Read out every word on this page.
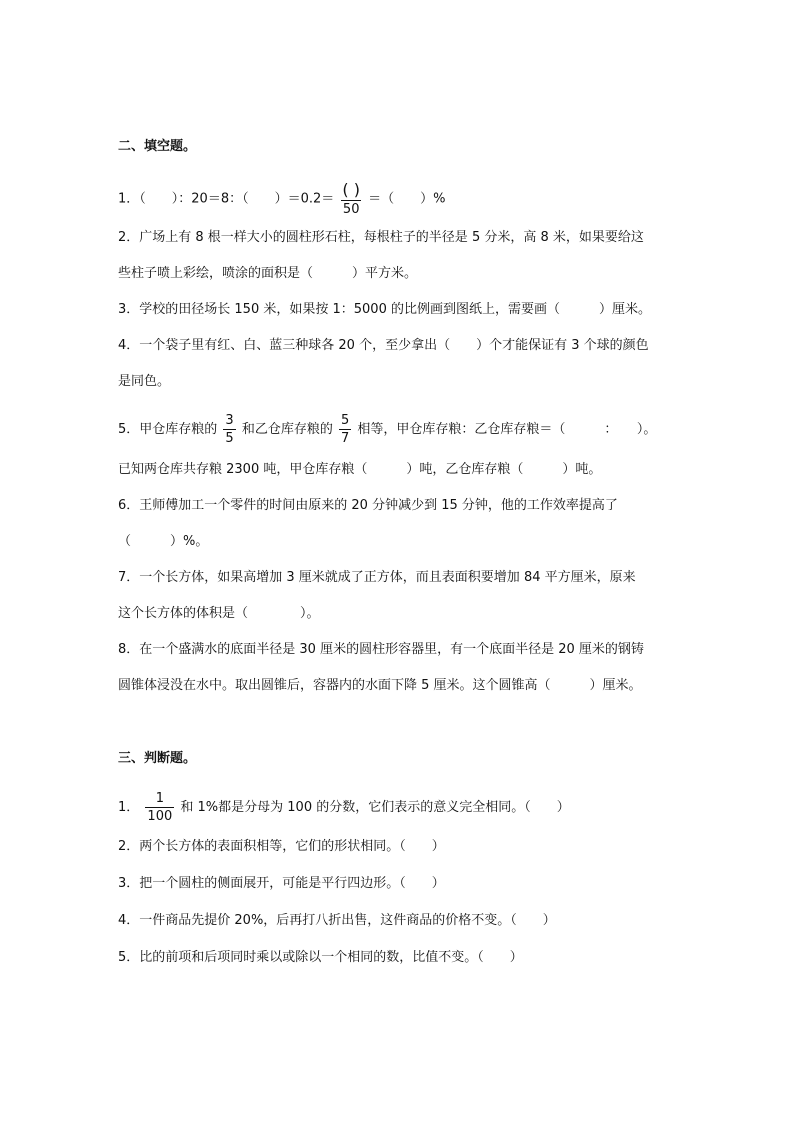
二、填空题。
1．（　　）：20＝8：（　　）$=0.2= \frac{( )}{50}$ ＝（　　）%
2．广场上有 8 根一样大小的圆柱形石柱，每根柱子的半径是 5 分米，高 8 米，如果要给这
些柱子喷上彩绘，喷涂的面积是（　　　）平方米。
3．学校的田径场长 150 米，如果按 1：5000 的比例画到图纸上，需要画（　　　）厘米。
4．一个袋子里有红、白、蓝三种球各 20 个，至少拿出（　　）个才能保证有 3 个球的颜色
是同色。
5．甲仓库存粮的 $\frac{3}{5}$ 和乙仓库存粮的 $\frac{5}{7}$ 相等，甲仓库存粮：乙仓库存粮＝（　　　：　　）。
已知两仓库共存粮 2300 吨，甲仓库存粮（　　　）吨，乙仓库存粮（　　　）吨。
6．王师傅加工一个零件的时间由原来的 20 分钟减少到 15 分钟，他的工作效率提高了
（　　　）%。
7．一个长方体，如果高增加 3 厘米就成了正方体，而且表面积要增加 84 平方厘米，原来
这个长方体的体积是（　　　　）。
8．在一个盛满水的底面半径是 30 厘米的圆柱形容器里，有一个底面半径是 20 厘米的钢铸
圆锥体浸没在水中。取出圆锥后，容器内的水面下降 5 厘米。这个圆锥高（　　　）厘米。
三、判断题。
1． $\frac{1}{100}$ 和 1%都是分母为 100 的分数，它们表示的意义完全相同。（　　）
2．两个长方体的表面积相等，它们的形状相同。（　　）
3．把一个圆柱的侧面展开，可能是平行四边形。（　　）
4．一件商品先提价 20%，后再打八折出售，这件商品的价格不变。（　　）
5．比的前项和后项同时乘以或除以一个相同的数，比值不变。（　　）
